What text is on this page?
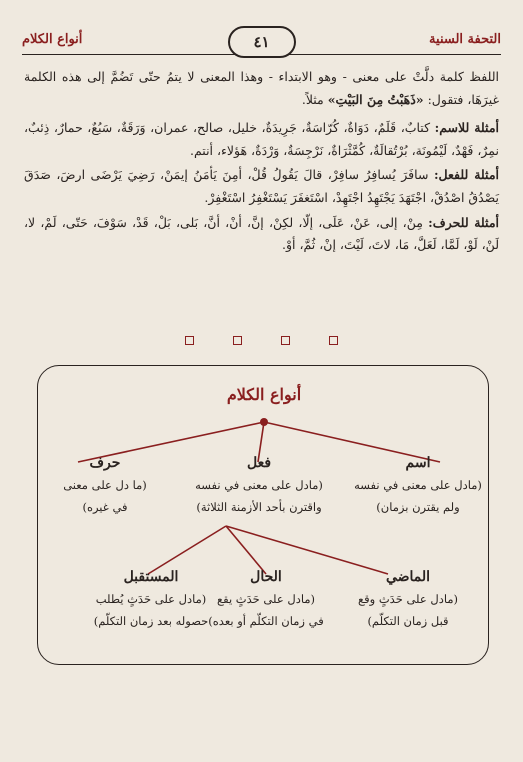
أنواع الكلام	التحفة السنية
٤١

اللفظ كلمة دلَّتْ على معنى - وهو الابتداء - وهذا المعنى لا يتمُ حتّى تَضُمَّ إلى هذه الكلمة غيرَهَا، فتقول: «ذَهَبْتُ مِنَ البَيْتِ» مثلاً.

أمثلة للاسم: كتابٌ، قَلَمٌ، دَوَاةٌ، كُرّاسَةٌ، جَرِيدَةٌ، خليل، صالح، عمران، وَرَقَةٌ، سَبُعٌ، حمارٌ، ذِئبٌ، نمِرٌ، فَهْدٌ، لَيْمُونَة، بُرْتُقالَةٌ، كُمَّثْرَاةٌ، نَرْجِسَةٌ، وَرْدَةٌ، هَؤلاء، أنتم.

أمثلة للفعل: سافَرَ يُسافِرُ سافِرْ، قالَ يَقُولُ قُلْ، أمِنَ يَأمَنُ إيمَنْ، رَضِيَ يَرْضَى ارضَ، صَدَقَ يَصْدُقُ اصْدُقْ، اجْتَهَدَ يَجْتَهِدُ اجْتَهِدْ، اسْتَغفَرَ يَسْتَغْفِرُ اسْتَغْفِرْ.

أمثلة للحرف: مِنْ، إلى، عَنْ، عَلَى، إلّا، لكِنْ، إنَّ، أنْ، أنَّ، بَلى، بَلْ، قَدْ، سَوْفَ، حَتّى، لَمْ، لا، لَنْ، لَوْ، لَمَّا، لَعَلَّ، مَا، لاتَ، لَيْتَ، إنْ، ثُمَّ، أوْ.

أنواع الكلام
حرف
(ما دل على معنى
في غيره)
فعل
(مادل على معنى في نفسه
واقترن بأحد الأزمنة الثلاثة)
اسم
(مادل على معنى في نفسه
ولم يقترن بزمان)
المستقبل
(مادل على حَدَثٍ يُطلب
حصوله بعد زمان التكلّم)
الحال
(مادل على حَدَثٍ يقع
في زمان التكلّم أو بعده)
الماضي
(مادل على حَدَثٍ وقع
قبل زمان التكلّم)
